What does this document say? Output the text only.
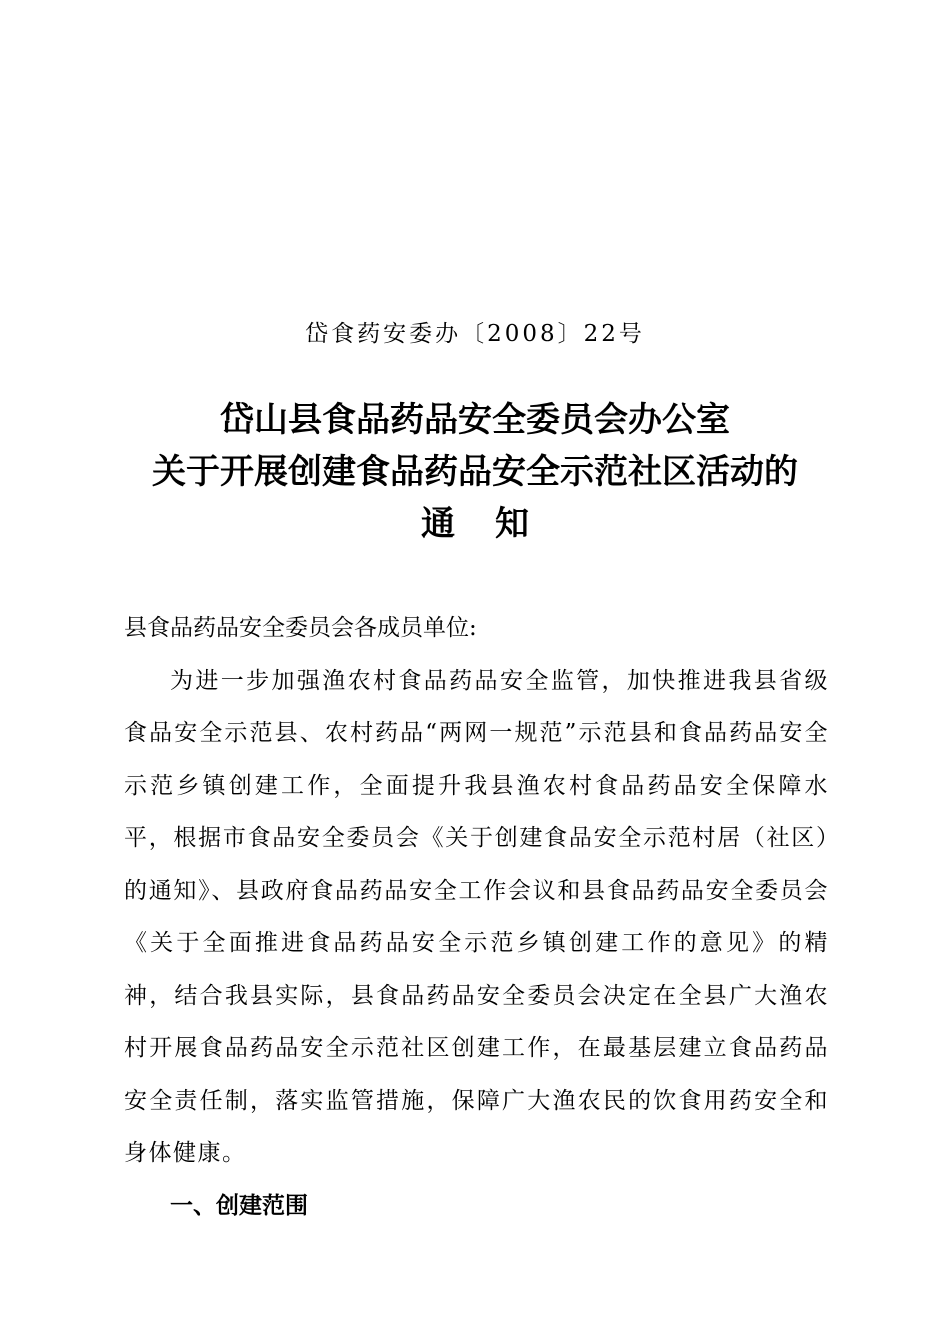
岱食药安委办〔2008〕22号
岱山县食品药品安全委员会办公室
关于开展创建食品药品安全示范社区活动的
通知

县食品药品安全委员会各成员单位:

为进一步加强渔农村食品药品安全监管，加快推进我县省级食品安全示范县、农村药品“两网一规范”示范县和食品药品安全示范乡镇创建工作，全面提升我县渔农村食品药品安全保障水平，根据市食品安全委员会《关于创建食品安全示范村居（社区）的通知》、县政府食品药品安全工作会议和县食品药品安全委员会《关于全面推进食品药品安全示范乡镇创建工作的意见》的精神，结合我县实际，县食品药品安全委员会决定在全县广大渔农村开展食品药品安全示范社区创建工作，在最基层建立食品药品安全责任制，落实监管措施，保障广大渔农民的饮食用药安全和身体健康。

一、创建范围
